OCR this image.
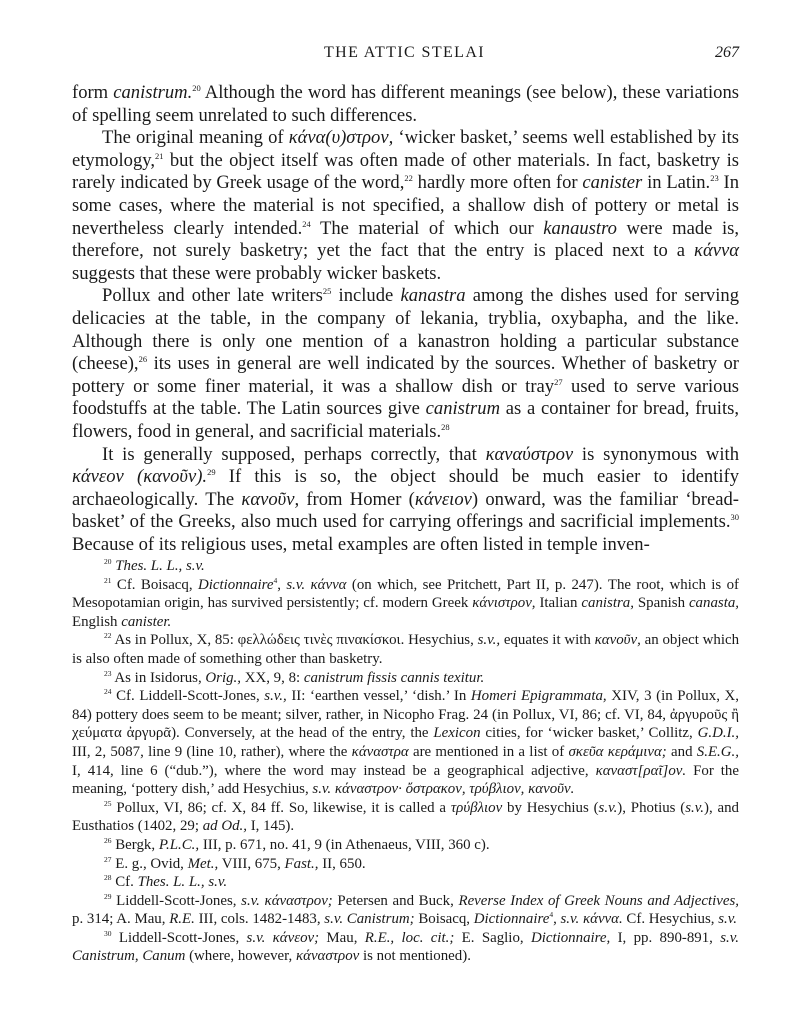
THE ATTIC STELAI	267

form canistrum.$^{20}$ Although the word has different meanings (see below), these variations of spelling seem unrelated to such differences.

The original meaning of κάνα(υ)στρον, ‘wicker basket,’ seems well established by its etymology,$^{21}$ but the object itself was often made of other materials. In fact, basketry is rarely indicated by Greek usage of the word,$^{22}$ hardly more often for canister in Latin.$^{23}$ In some cases, where the material is not specified, a shallow dish of pottery or metal is nevertheless clearly intended.$^{24}$ The material of which our kanaustro were made is, therefore, not surely basketry; yet the fact that the entry is placed next to a κάννα suggests that these were probably wicker baskets.

Pollux and other late writers$^{25}$ include kanastra among the dishes used for serving delicacies at the table, in the company of lekania, tryblia, oxybapha, and the like. Although there is only one mention of a kanastron holding a particular substance (cheese),$^{26}$ its uses in general are well indicated by the sources. Whether of basketry or pottery or some finer material, it was a shallow dish or tray$^{27}$ used to serve various foodstuffs at the table. The Latin sources give canistrum as a container for bread, fruits, flowers, food in general, and sacrificial materials.$^{28}$

It is generally supposed, perhaps correctly, that καναύστρον is synonymous with κάνεον (κανοῦν).$^{29}$ If this is so, the object should be much easier to identify archaeologically. The κανοῦν, from Homer (κάνειον) onward, was the familiar ‘bread-basket’ of the Greeks, also much used for carrying offerings and sacrificial implements.$^{30}$ Because of its religious uses, metal examples are often listed in temple inven-

$^{20}$ Thes. L. L., s.v.

$^{21}$ Cf. Boisacq, Dictionnaire$^4$, s.v. κάννα (on which, see Pritchett, Part II, p. 247). The root, which is of Mesopotamian origin, has survived persistently; cf. modern Greek κάνιστρον, Italian canistra, Spanish canasta, English canister.

$^{22}$ As in Pollux, X, 85: φελλώδεις τινὲς πινακίσκοι. Hesychius, s.v., equates it with κανοῦν, an object which is also often made of something other than basketry.

$^{23}$ As in Isidorus, Orig., XX, 9, 8: canistrum fissis cannis texitur.

$^{24}$ Cf. Liddell-Scott-Jones, s.v., II: ‘earthen vessel,’ ‘dish.’ In Homeri Epigrammata, XIV, 3 (in Pollux, X, 84) pottery does seem to be meant; silver, rather, in Nicopho Frag. 24 (in Pollux, VI, 86; cf. VI, 84, ἀργυροῦς ἢ χεύματα ἀργυρᾶ). Conversely, at the head of the entry, the Lexicon cities, for ‘wicker basket,’ Collitz, G.D.I., III, 2, 5087, line 9 (line 10, rather), where the κάναστρα are mentioned in a list of σκεῦα κεράμινα; and S.E.G., I, 414, line 6 (“dub.”), where the word may instead be a geographical adjective, καναστ[ραῖ]ον. For the meaning, ‘pottery dish,’ add Hesychius, s.v. κάναστρον· ὄστρακον, τρύβλιον, κανοῦν.

$^{25}$ Pollux, VI, 86; cf. X, 84 ff. So, likewise, it is called a τρύβλιον by Hesychius (s.v.), Photius (s.v.), and Eusthatios (1402, 29; ad Od., I, 145).

$^{26}$ Bergk, P.L.C., III, p. 671, no. 41, 9 (in Athenaeus, VIII, 360 c).

$^{27}$ E. g., Ovid, Met., VIII, 675, Fast., II, 650.

$^{28}$ Cf. Thes. L. L., s.v.

$^{29}$ Liddell-Scott-Jones, s.v. κάναστρον; Petersen and Buck, Reverse Index of Greek Nouns and Adjectives, p. 314; A. Mau, R.E. III, cols. 1482-1483, s.v. Canistrum; Boisacq, Dictionnaire$^4$, s.v. κάννα. Cf. Hesychius, s.v.

$^{30}$ Liddell-Scott-Jones, s.v. κάνεον; Mau, R.E., loc. cit.; E. Saglio, Dictionnaire, I, pp. 890-891, s.v. Canistrum, Canum (where, however, κάναστρον is not mentioned).
